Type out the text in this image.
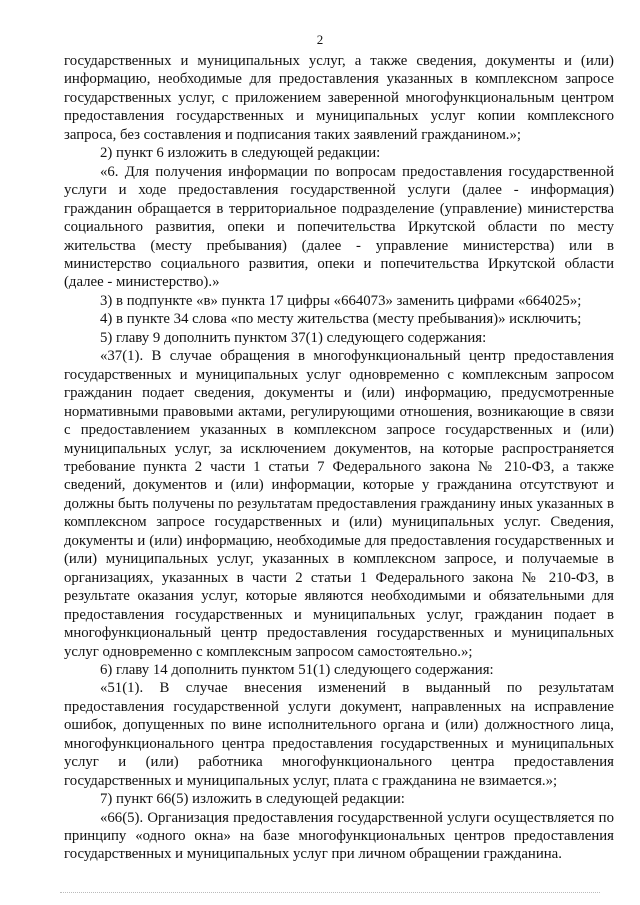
2

государственных и муниципальных услуг, а также сведения, документы и (или) информацию, необходимые для предоставления указанных в комплексном запросе государственных услуг, с приложением заверенной многофункциональным центром предоставления государственных и муниципальных услуг копии комплексного запроса, без составления и подписания таких заявлений гражданином.»;

2) пункт 6 изложить в следующей редакции:

«6. Для получения информации по вопросам предоставления государственной услуги и ходе предоставления государственной услуги (далее - информация) гражданин обращается в территориальное подразделение (управление) министерства социального развития, опеки и попечительства Иркутской области по месту жительства (месту пребывания) (далее - управление министерства) или в министерство социального развития, опеки и попечительства Иркутской области (далее - министерство).»

3) в подпункте «в» пункта 17 цифры «664073» заменить цифрами «664025»;

4) в пункте 34 слова «по месту жительства (месту пребывания)» исключить;

5) главу 9 дополнить пунктом 37(1) следующего содержания:

«37(1). В случае обращения в многофункциональный центр предоставления государственных и муниципальных услуг одновременно с комплексным запросом гражданин подает сведения, документы и (или) информацию, предусмотренные нормативными правовыми актами, регулирующими отношения, возникающие в связи с предоставлением указанных в комплексном запросе государственных и (или) муниципальных услуг, за исключением документов, на которые распространяется требование пункта 2 части 1 статьи 7 Федерального закона № 210-ФЗ, а также сведений, документов и (или) информации, которые у гражданина отсутствуют и должны быть получены по результатам предоставления гражданину иных указанных в комплексном запросе государственных и (или) муниципальных услуг. Сведения, документы и (или) информацию, необходимые для предоставления государственных и (или) муниципальных услуг, указанных в комплексном запросе, и получаемые в организациях, указанных в части 2 статьи 1 Федерального закона № 210-ФЗ, в результате оказания услуг, которые являются необходимыми и обязательными для предоставления государственных и муниципальных услуг, гражданин подает в многофункциональный центр предоставления государственных и муниципальных услуг одновременно с комплексным запросом самостоятельно.»;

6) главу 14 дополнить пунктом 51(1) следующего содержания:

«51(1). В случае внесения изменений в выданный по результатам предоставления государственной услуги документ, направленных на исправление ошибок, допущенных по вине исполнительного органа и (или) должностного лица, многофункционального центра предоставления государственных и муниципальных услуг и (или) работника многофункционального центра предоставления государственных и муниципальных услуг, плата с гражданина не взимается.»;

7) пункт 66(5) изложить в следующей редакции:

«66(5). Организация предоставления государственной услуги осуществляется по принципу «одного окна» на базе многофункциональных центров предоставления государственных и муниципальных услуг при личном обращении гражданина.
